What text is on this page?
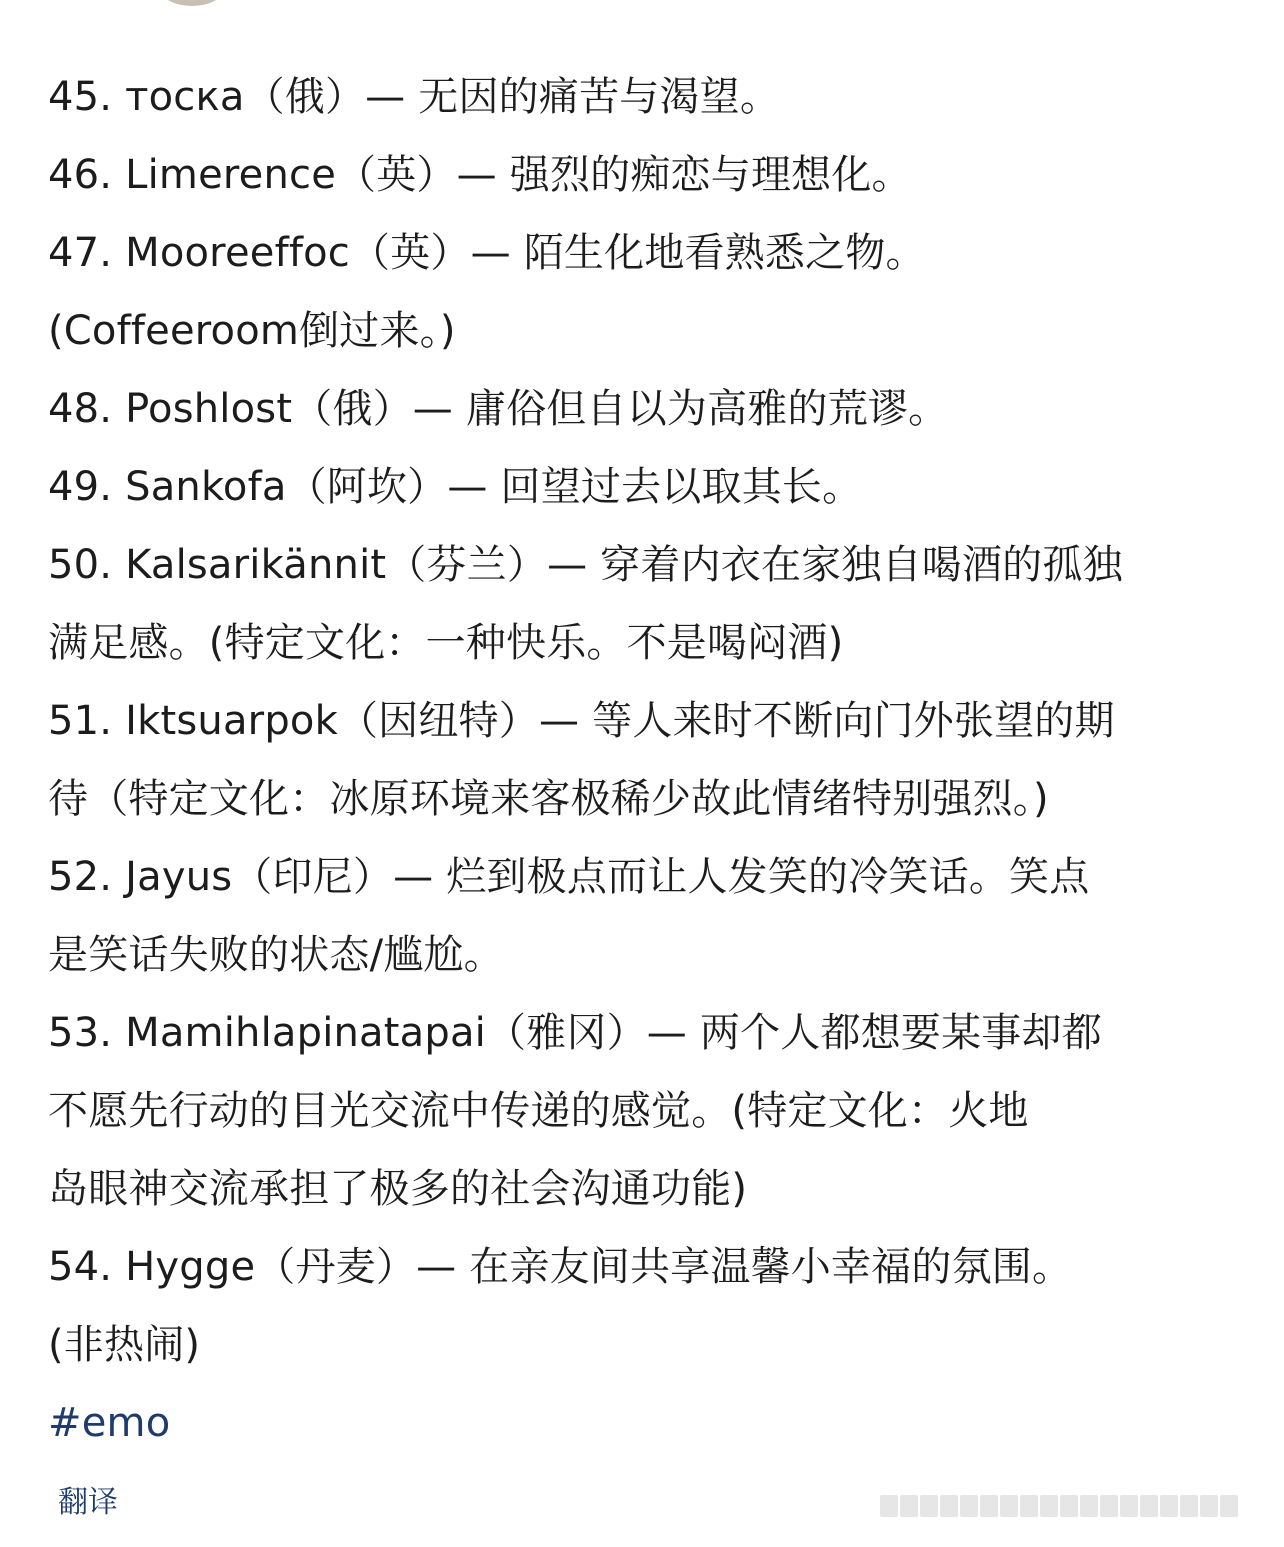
45. тоска（俄）— 无因的痛苦与渴望。
46. Limerence（英）— 强烈的痴恋与理想化。
47. Mooreeffoc（英）— 陌生化地看熟悉之物。
(Coffeeroom倒过来。)
48. Poshlost（俄）— 庸俗但自以为高雅的荒谬。
49. Sankofa（阿坎）— 回望过去以取其长。
50. Kalsarikännit（芬兰）— 穿着内衣在家独自喝酒的孤独
满足感。(特定文化：一种快乐。不是喝闷酒)
51. Iktsuarpok（因纽特）— 等人来时不断向门外张望的期
待（特定文化：冰原环境来客极稀少故此情绪特别强烈。)
52. Jayus（印尼）— 烂到极点而让人发笑的冷笑话。笑点
是笑话失败的状态/尴尬。
53. Mamihlapinatapai（雅冈）— 两个人都想要某事却都
不愿先行动的目光交流中传递的感觉。(特定文化：火地
岛眼神交流承担了极多的社会沟通功能)
54. Hygge（丹麦）— 在亲友间共享温馨小幸福的氛围。
(非热闹)
#emo
翻译
